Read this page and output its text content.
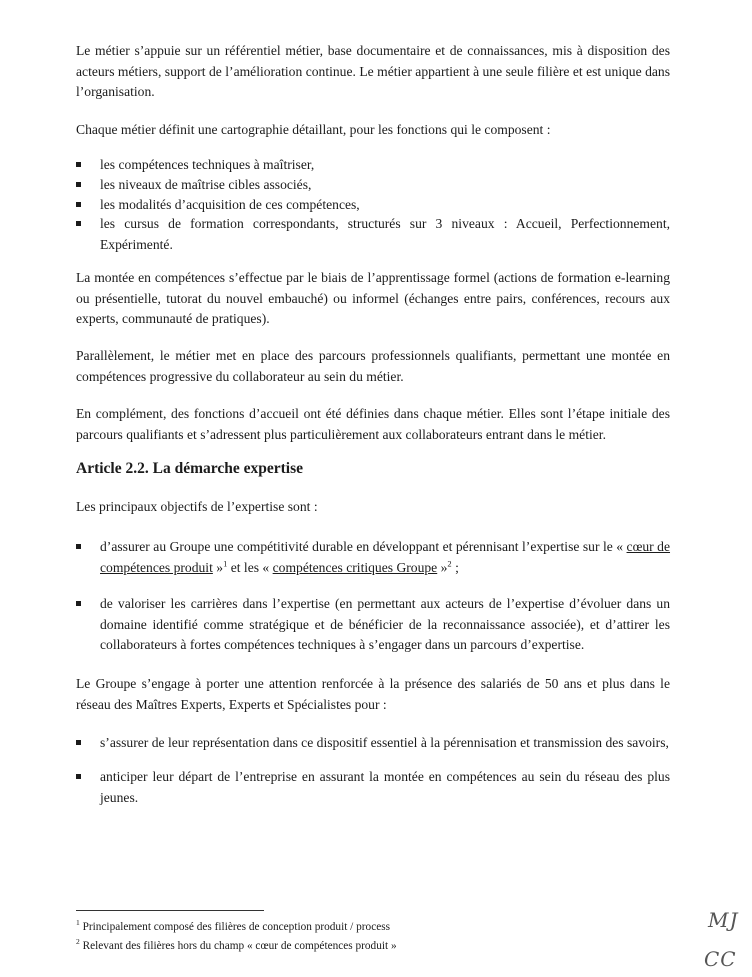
Le métier s’appuie sur un référentiel métier, base documentaire et de connaissances, mis à disposition des acteurs métiers, support de l’amélioration continue. Le métier appartient à une seule filière et est unique dans l’organisation.
Chaque métier définit une cartographie détaillant, pour les fonctions qui le composent :
les compétences techniques à maîtriser,
les niveaux de maîtrise cibles associés,
les modalités d’acquisition de ces compétences,
les cursus de formation correspondants, structurés sur 3 niveaux : Accueil, Perfectionnement, Expérimenté.
La montée en compétences s’effectue par le biais de l’apprentissage formel (actions de formation e-learning ou présentielle, tutorat du nouvel embauché) ou informel (échanges entre pairs, conférences, recours aux experts, communauté de pratiques).
Parallèlement, le métier met en place des parcours professionnels qualifiants, permettant une montée en compétences progressive du collaborateur au sein du métier.
En complément, des fonctions d’accueil ont été définies dans chaque métier. Elles sont l’étape initiale des parcours qualifiants et s’adressent plus particulièrement aux collaborateurs entrant dans le métier.
Article 2.2. La démarche expertise
Les principaux objectifs de l’expertise sont :
d’assurer au Groupe une compétitivité durable en développant et pérennisant l’expertise sur le « cœur de compétences produit »$^1$ et les « compétences critiques Groupe »$^2$ ;
de valoriser les carrières dans l’expertise (en permettant aux acteurs de l’expertise d’évoluer dans un domaine identifié comme stratégique et de bénéficier de la reconnaissance associée), et d’attirer les collaborateurs à fortes compétences techniques à s’engager dans un parcours d’expertise.
Le Groupe s’engage à porter une attention renforcée à la présence des salariés de 50 ans et plus dans le réseau des Maîtres Experts, Experts et Spécialistes pour :
s’assurer de leur représentation dans ce dispositif essentiel à la pérennisation et transmission des savoirs,
anticiper leur départ de l’entreprise en assurant la montée en compétences au sein du réseau des plus jeunes.
$^1$ Principalement composé des filières de conception produit / process
$^2$ Relevant des filières hors du champ « cœur de compétences produit »
MJ
CC
